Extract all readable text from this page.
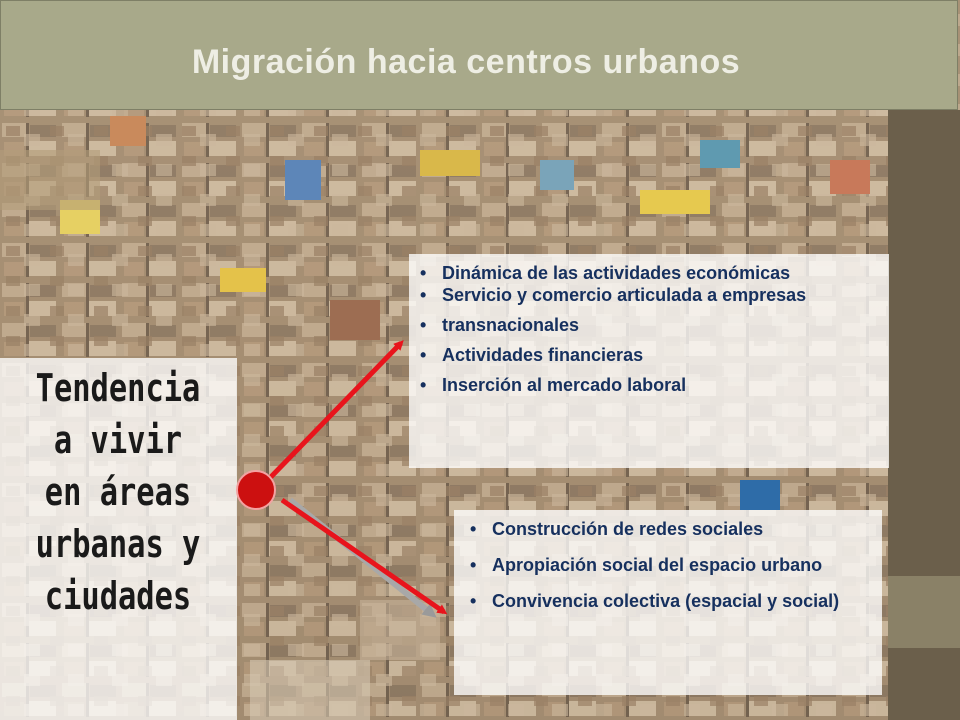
Migración hacia centros urbanos
Tendencia a vivir en áreas urbanas y ciudades
• Dinámica de las actividades económicas
• Servicio y comercio articulada a empresas
• transnacionales
• Actividades financieras
• Inserción al mercado laboral
• Construcción de redes sociales
• Apropiación social del espacio urbano
• Convivencia colectiva (espacial y social)
